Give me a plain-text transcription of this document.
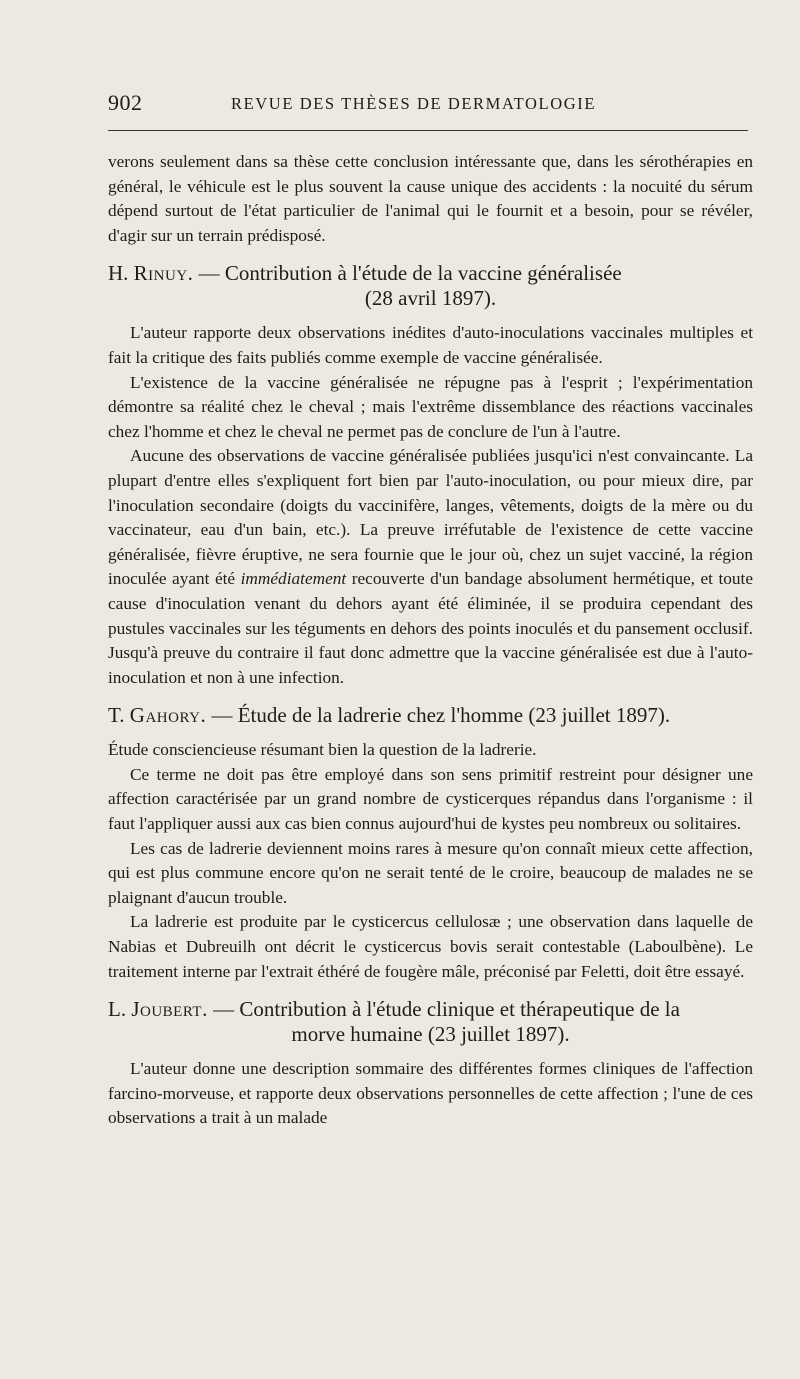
902	REVUE DES THÈSES DE DERMATOLOGIE

verons seulement dans sa thèse cette conclusion intéressante que, dans les sérothérapies en général, le véhicule est le plus souvent la cause unique des accidents : la nocuité du sérum dépend surtout de l'état particulier de l'animal qui le fournit et a besoin, pour se révéler, d'agir sur un terrain prédisposé.

H. Rinuy. — Contribution à l'étude de la vaccine généralisée
(28 avril 1897).

L'auteur rapporte deux observations inédites d'auto-inoculations vaccinales multiples et fait la critique des faits publiés comme exemple de vaccine généralisée.

L'existence de la vaccine généralisée ne répugne pas à l'esprit ; l'expérimentation démontre sa réalité chez le cheval ; mais l'extrême dissemblance des réactions vaccinales chez l'homme et chez le cheval ne permet pas de conclure de l'un à l'autre.

Aucune des observations de vaccine généralisée publiées jusqu'ici n'est convaincante. La plupart d'entre elles s'expliquent fort bien par l'auto-inoculation, ou pour mieux dire, par l'inoculation secondaire (doigts du vaccinifère, langes, vêtements, doigts de la mère ou du vaccinateur, eau d'un bain, etc.). La preuve irréfutable de l'existence de cette vaccine généralisée, fièvre éruptive, ne sera fournie que le jour où, chez un sujet vacciné, la région inoculée ayant été immédiatement recouverte d'un bandage absolument hermétique, et toute cause d'inoculation venant du dehors ayant été éliminée, il se produira cependant des pustules vaccinales sur les téguments en dehors des points inoculés et du pansement occlusif. Jusqu'à preuve du contraire il faut donc admettre que la vaccine généralisée est due à l'auto-inoculation et non à une infection.

T. Gahory. — Étude de la ladrerie chez l'homme (23 juillet 1897).

Étude consciencieuse résumant bien la question de la ladrerie.

Ce terme ne doit pas être employé dans son sens primitif restreint pour désigner une affection caractérisée par un grand nombre de cysticerques répandus dans l'organisme : il faut l'appliquer aussi aux cas bien connus aujourd'hui de kystes peu nombreux ou solitaires.

Les cas de ladrerie deviennent moins rares à mesure qu'on connaît mieux cette affection, qui est plus commune encore qu'on ne serait tenté de le croire, beaucoup de malades ne se plaignant d'aucun trouble.

La ladrerie est produite par le cysticercus cellulosæ ; une observation dans laquelle de Nabias et Dubreuilh ont décrit le cysticercus bovis serait contestable (Laboulbène). Le traitement interne par l'extrait éthéré de fougère mâle, préconisé par Feletti, doit être essayé.

L. Joubert. — Contribution à l'étude clinique et thérapeutique de la
morve humaine (23 juillet 1897).

L'auteur donne une description sommaire des différentes formes cliniques de l'affection farcino-morveuse, et rapporte deux observations personnelles de cette affection ; l'une de ces observations a trait à un malade
